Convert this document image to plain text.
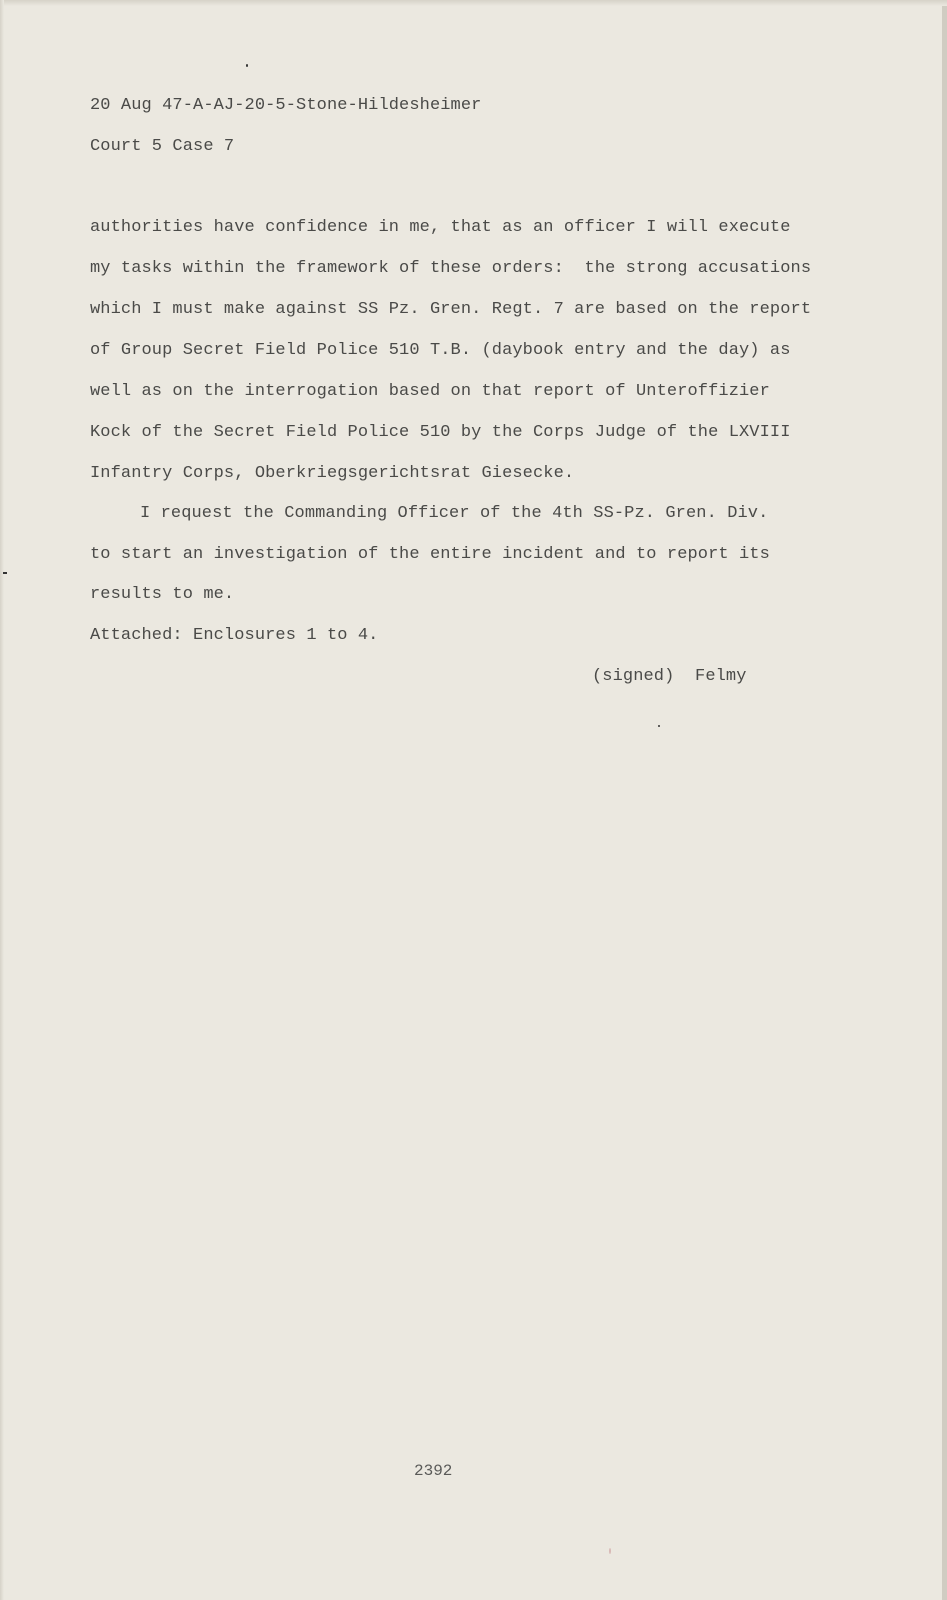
20 Aug 47-A-AJ-20-5-Stone-Hildesheimer
Court 5 Case 7
authorities have confidence in me, that as an officer I will execute
my tasks within the framework of these orders:  the strong accusations
which I must make against SS Pz. Gren. Regt. 7 are based on the report
of Group Secret Field Police 510 T.B. (daybook entry and the day) as
well as on the interrogation based on that report of Unteroffizier
Kock of the Secret Field Police 510 by the Corps Judge of the LXVIII
Infantry Corps, Oberkriegsgerichtsrat Giesecke.
I request the Commanding Officer of the 4th SS-Pz. Gren. Div.
to start an investigation of the entire incident and to report its
results to me.
Attached: Enclosures 1 to 4.
(signed)  Felmy
2392
